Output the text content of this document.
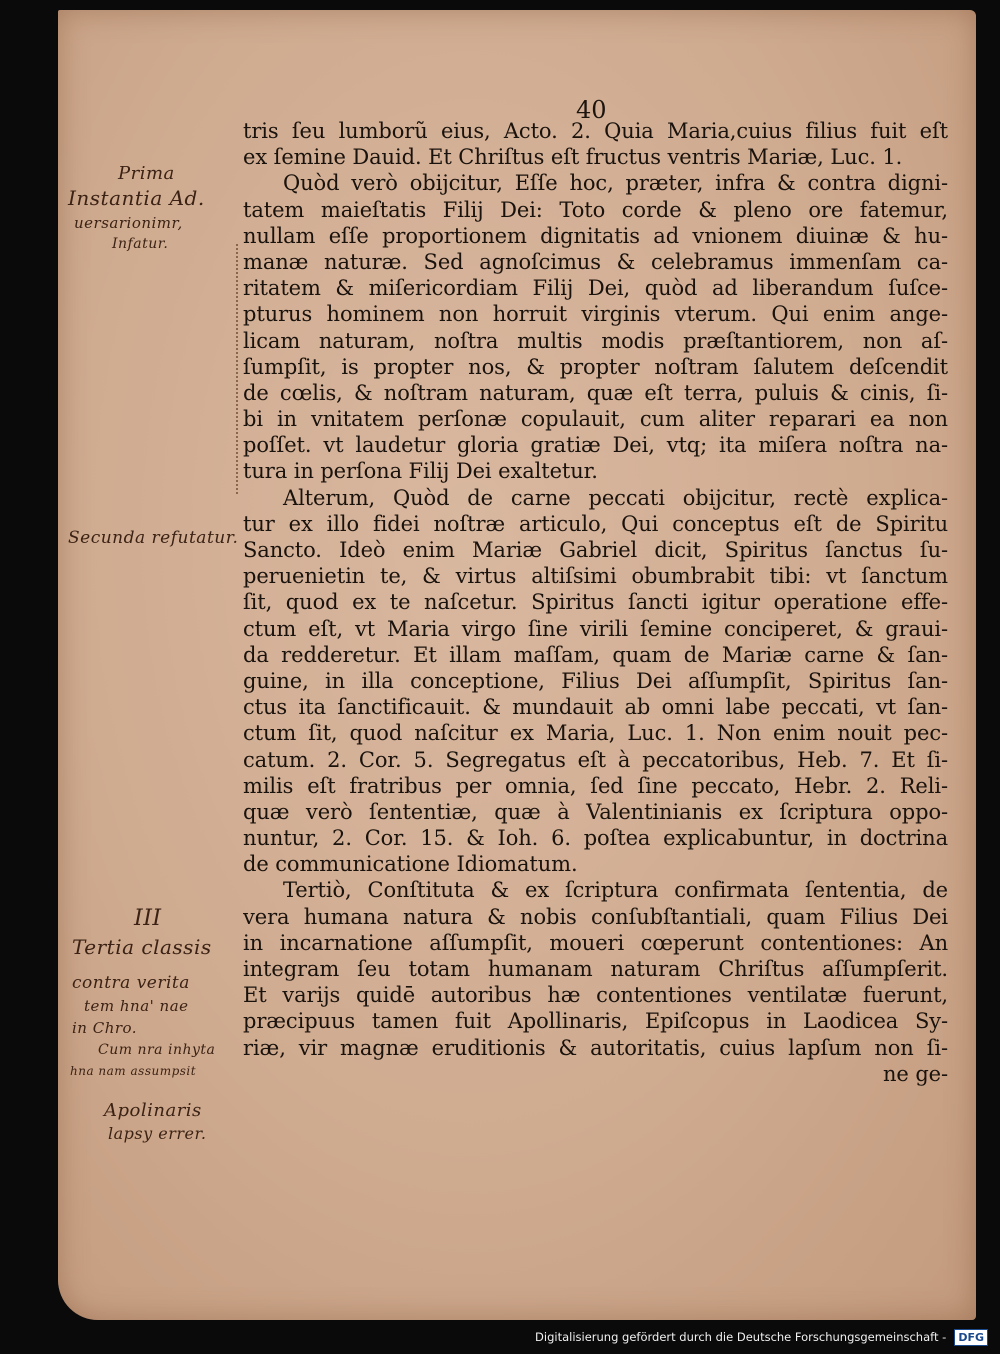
40
tris ſeu lumborũ eius, Acto. 2. Quia Maria,cuius filius fuit eſt
ex ſemine Dauid. Et Chriſtus eſt fructus ventris Mariæ, Luc. 1.
Quòd verò obijcitur, Eſſe hoc, præter, infra & contra digni-
tatem maieſtatis Filij Dei: Toto corde & pleno ore fatemur,
nullam eſſe proportionem dignitatis ad vnionem diuinæ & hu-
manæ naturæ. Sed agnoſcimus & celebramus immenſam ca-
ritatem & miſericordiam Filij Dei, quòd ad liberandum ſuſce-
pturus hominem non horruit virginis vterum. Qui enim ange-
licam naturam, noſtra multis modis præſtantiorem, non aſ-
ſumpſit, is propter nos, & propter noſtram ſalutem deſcendit
de cœlis, & noſtram naturam, quæ eſt terra, puluis & cinis, ſi-
bi in vnitatem perſonæ copulauit, cum aliter reparari ea non
poſſet. vt laudetur gloria gratiæ Dei, vtq; ita miſera noſtra na-
tura in perſona Filij Dei exaltetur.
Alterum, Quòd de carne peccati obijcitur, rectè explica-
tur ex illo fidei noſtræ articulo, Qui conceptus eſt de Spiritu
Sancto. Ideò enim Mariæ Gabriel dicit, Spiritus ſanctus ſu-
peruenietin te, & virtus altiſsimi obumbrabit tibi: vt ſanctum
ſit, quod ex te naſcetur. Spiritus ſancti igitur operatione effe-
ctum eſt, vt Maria virgo ſine virili ſemine conciperet, & graui-
da redderetur. Et illam maſſam, quam de Mariæ carne & ſan-
guine, in illa conceptione, Filius Dei aſſumpſit, Spiritus ſan-
ctus ita ſanctificauit. & mundauit ab omni labe peccati, vt ſan-
ctum ſit, quod naſcitur ex Maria, Luc. 1. Non enim nouit pec-
catum. 2. Cor. 5. Segregatus eſt à peccatoribus, Heb. 7. Et ſi-
milis eſt fratribus per omnia, ſed ſine peccato, Hebr. 2. Reli-
quæ verò ſententiæ, quæ à Valentinianis ex ſcriptura oppo-
nuntur, 2. Cor. 15. & Ioh. 6. poſtea explicabuntur, in doctrina
de communicatione Idiomatum.
Tertiò, Conſtituta & ex ſcriptura confirmata ſententia, de
vera humana natura & nobis conſubſtantiali, quam Filius Dei
in incarnatione aſſumpſit, moueri cœperunt contentiones: An
integram ſeu totam humanam naturam Chriſtus aſſumpſerit.
Et varijs quidē autoribus hæ contentiones ventilatæ fuerunt,
præcipuus tamen fuit Apollinaris, Epiſcopus in Laodicea Sy-
riæ, vir magnæ eruditionis & autoritatis, cuius lapſum non ſi-
ne ge-
Prima
Instantia Ad.
uersarionimr,
Infatur.
Secunda refutatur.
III
Tertia classis
contra verita
tem hna' nae
in Chro.
Cum nra inhyta
hna nam assumpsit
Apolinaris
lapsy errer.
Digitalisierung gefördert durch die Deutsche Forschungsgemeinschaft -	DFG
